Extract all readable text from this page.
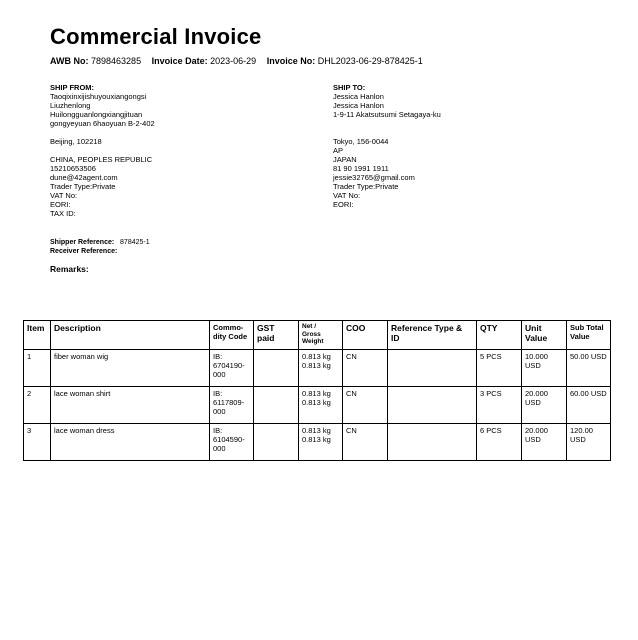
Commercial Invoice
AWB No: 7898463285 Invoice Date: 2023-06-29 Invoice No: DHL2023-06-29-878425-1
SHIP FROM:
Taoqixinxijishuyouxiangongsi
Liuzhenlong
Huilongguanlongxiangjituan
gongyeyuan 6haoyuan B-2-402

Beijing, 102218

CHINA, PEOPLES REPUBLIC
15210653506
dune@42agent.com
Trader Type:Private
VAT No:
EORI:
TAX ID:
SHIP TO:
Jessica Hanlon
Jessica Hanlon
1-9-11 Akatsutsumi Setagaya-ku

Tokyo, 156-0044
AP
JAPAN
81 90 1991 1911
jessie32765@gmail.com
Trader Type:Private
VAT No:
EORI:
Shipper Reference: 878425-1
Receiver Reference:
Remarks:
Item	Description	Commo-
dity Code	GST
paid	Net /
Gross
Weight	COO	Reference Type &
ID	QTY	Unit
Value	Sub Total
Value
1	fiber woman wig	IB:
6704190-
000		0.813 kg
0.813 kg	CN		5 PCS	10.000
USD	50.00 USD
2	lace woman shirt	IB:
6117809-
000		0.813 kg
0.813 kg	CN		3 PCS	20.000
USD	60.00 USD
3	lace woman dress	IB:
6104590-
000		0.813 kg
0.813 kg	CN		6 PCS	20.000
USD	120.00
USD
